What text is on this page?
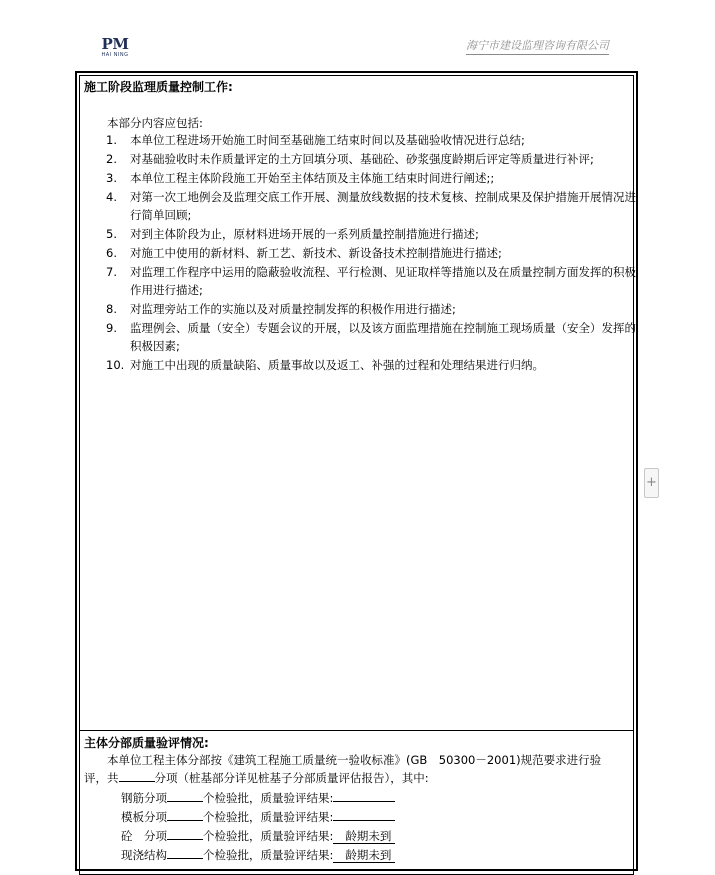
PM
HAI NING
海宁市建设监理咨询有限公司
施工阶段监理质量控制工作:
本部分内容应包括:
1. 本单位工程进场开始施工时间至基础施工结束时间以及基础验收情况进行总结;
2. 对基础验收时未作质量评定的土方回填分项、基础砼、砂浆强度龄期后评定等质量进行补评;
3. 本单位工程主体阶段施工开始至主体结顶及主体施工结束时间进行阐述;;
4. 对第一次工地例会及监理交底工作开展、测量放线数据的技术复核、控制成果及保护措施开展情况进行简单回顾;
5. 对到主体阶段为止，原材料进场开展的一系列质量控制措施进行描述;
6. 对施工中使用的新材料、新工艺、新技术、新设备技术控制措施进行描述;
7. 对监理工作程序中运用的隐蔽验收流程、平行检测、见证取样等措施以及在质量控制方面发挥的积极作用进行描述;
8. 对监理旁站工作的实施以及对质量控制发挥的积极作用进行描述;
9. 监理例会、质量（安全）专题会议的开展，以及该方面监理措施在控制施工现场质量（安全）发挥的积极因素;
10. 对施工中出现的质量缺陷、质量事故以及返工、补强的过程和处理结果进行归纳。
主体分部质量验评情况:
本单位工程主体分部按《建筑工程施工质量统一验收标准》(GB　50300－2001)规范要求进行验
评，共	分项（桩基部分详见桩基子分部质量评估报告），其中:
钢筋分项	个检验批，质量验评结果:
模板分项	个检验批，质量验评结果:
砼　分项	个检验批，质量验评结果: 龄期未到
现浇结构	个检验批，质量验评结果: 龄期未到
+
